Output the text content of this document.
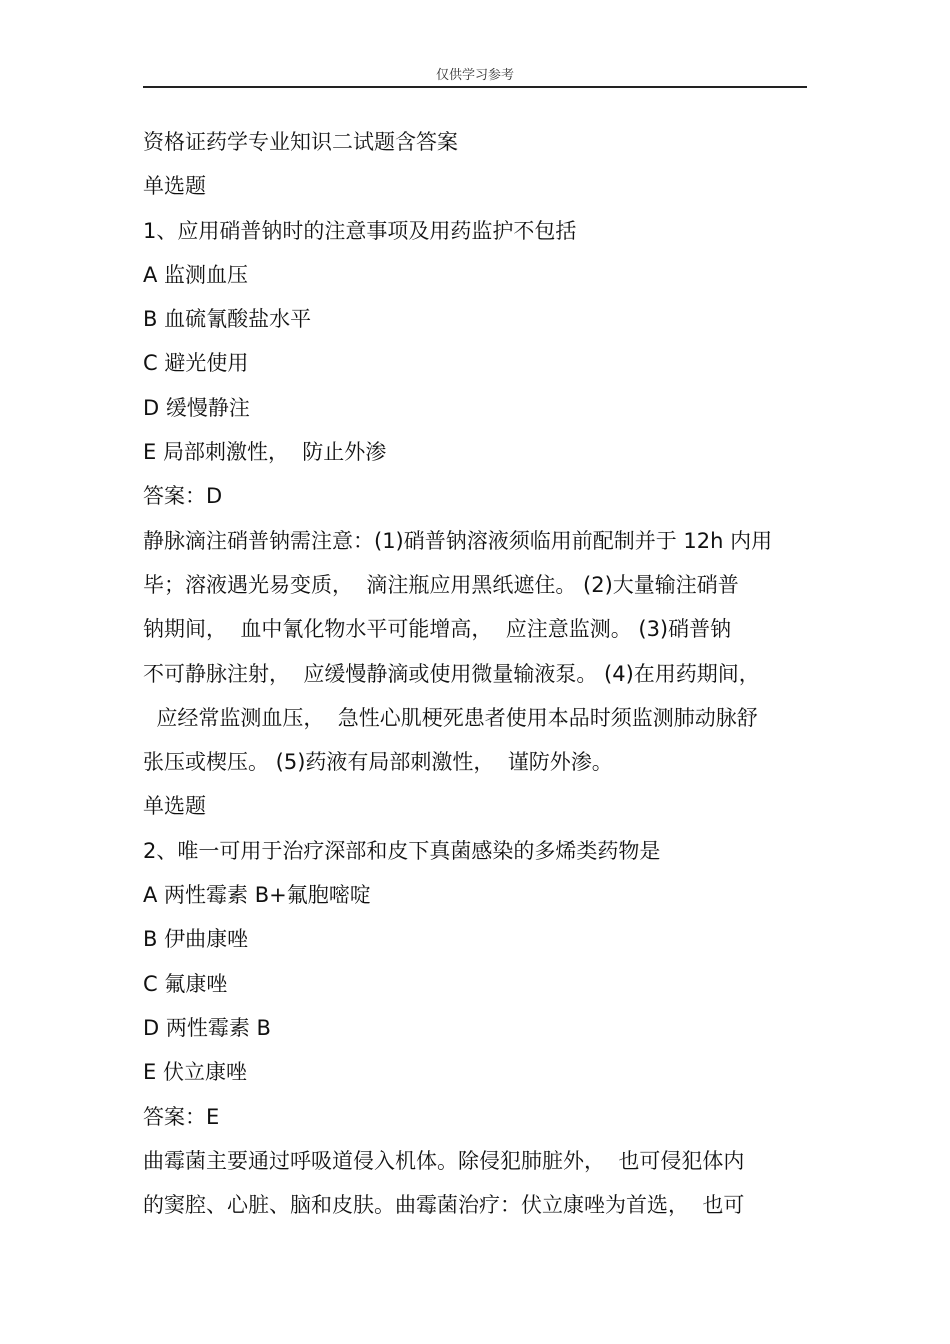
仅供学习参考
资格证药学专业知识二试题含答案
单选题
1、应用硝普钠时的注意事项及用药监护不包括
A 监测血压
B 血硫氰酸盐水平
C 避光使用
D 缓慢静注
E 局部刺激性，  防止外渗
答案：D
静脉滴注硝普钠需注意：(1)硝普钠溶液须临用前配制并于 12h 内用
毕；溶液遇光易变质，  滴注瓶应用黑纸遮住。 (2)大量输注硝普
钠期间，  血中氰化物水平可能增高，  应注意监测。 (3)硝普钠
不可静脉注射，  应缓慢静滴或使用微量输液泵。 (4)在用药期间，
应经常监测血压，  急性心肌梗死患者使用本品时须监测肺动脉舒
张压或楔压。 (5)药液有局部刺激性，  谨防外渗。
单选题
2、唯一可用于治疗深部和皮下真菌感染的多烯类药物是
A 两性霉素 B+氟胞嘧啶
B 伊曲康唑
C 氟康唑
D 两性霉素 B
E 伏立康唑
答案：E
曲霉菌主要通过呼吸道侵入机体。除侵犯肺脏外，  也可侵犯体内
的窦腔、心脏、脑和皮肤。曲霉菌治疗：伏立康唑为首选，  也可
